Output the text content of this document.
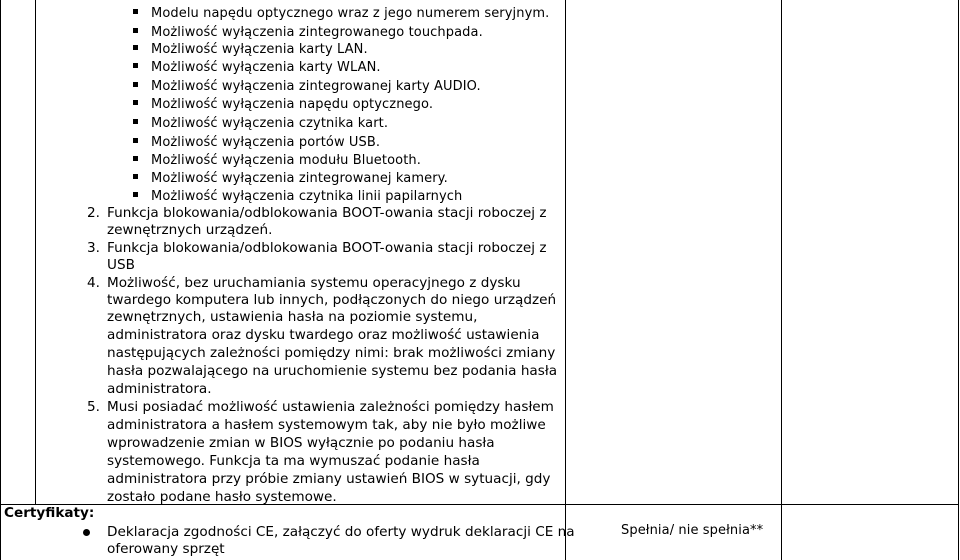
Modelu napędu optycznego wraz z jego numerem seryjnym.
Możliwość wyłączenia zintegrowanego touchpada.
Możliwość wyłączenia karty LAN.
Możliwość wyłączenia karty WLAN.
Możliwość wyłączenia zintegrowanej karty AUDIO.
Możliwość wyłączenia napędu optycznego.
Możliwość wyłączenia czytnika kart.
Możliwość wyłączenia portów USB.
Możliwość wyłączenia modułu Bluetooth.
Możliwość wyłączenia zintegrowanej kamery.
Możliwość wyłączenia czytnika linii papilarnych
2. Funkcja blokowania/odblokowania BOOT-owania stacji roboczej z
zewnętrznych urządzeń.
3. Funkcja blokowania/odblokowania BOOT-owania stacji roboczej z
USB
4. Możliwość, bez uruchamiania systemu operacyjnego z dysku
twardego komputera lub innych, podłączonych do niego urządzeń
zewnętrznych, ustawienia hasła na poziomie systemu,
administratora oraz dysku twardego oraz możliwość ustawienia
następujących zależności pomiędzy nimi: brak możliwości zmiany
hasła pozwalającego na uruchomienie systemu bez podania hasła
administratora.
5. Musi posiadać możliwość ustawienia zależności pomiędzy hasłem
administratora a hasłem systemowym tak, aby nie było możliwe
wprowadzenie zmian w BIOS wyłącznie po podaniu hasła
systemowego. Funkcja ta ma wymuszać podanie hasła
administratora przy próbie zmiany ustawień BIOS w sytuacji, gdy
zostało podane hasło systemowe.
Certyfikaty:
Deklaracja zgodności CE, załączyć do oferty wydruk deklaracji CE na
oferowany sprzęt
Spełnia/ nie spełnia**
